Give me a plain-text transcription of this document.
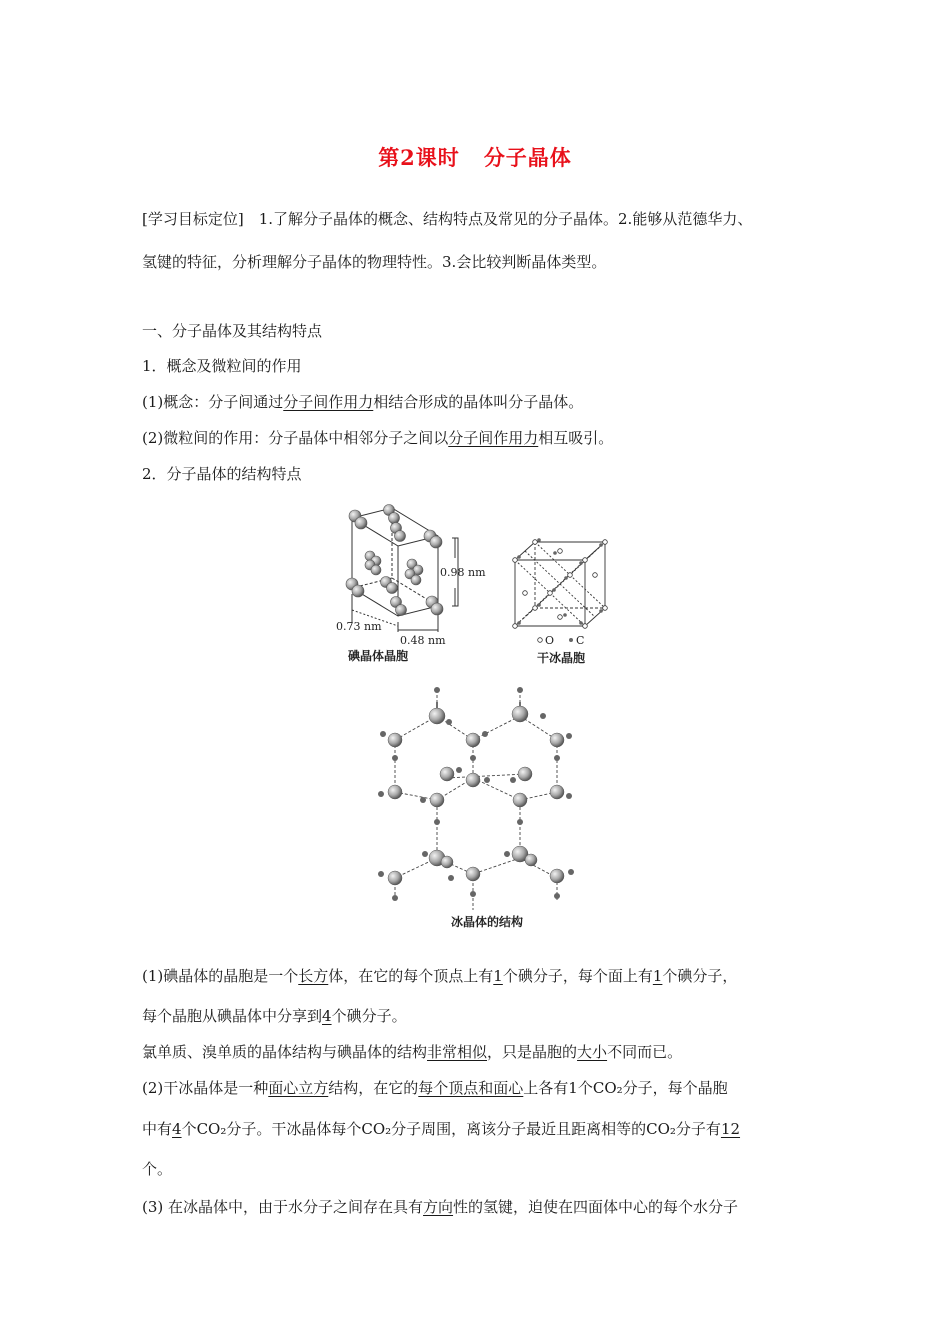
第2课时 分子晶体
[学习目标定位]　1.了解分子晶体的概念、结构特点及常见的分子晶体。2.能够从范德华力、
氢键的特征，分析理解分子晶体的物理特性。3.会比较判断晶体类型。
一、分子晶体及其结构特点
1．概念及微粒间的作用
(1)概念：分子间通过分子间作用力相结合形成的晶体叫分子晶体。
(2)微粒间的作用：分子晶体中相邻分子之间以分子间作用力相互吸引。
2．分子晶体的结构特点
0.98 nm
0.73 nm
0.48 nm
碘晶体晶胞
O C
干冰晶胞
冰晶体的结构
(1)碘晶体的晶胞是一个长方体，在它的每个顶点上有1个碘分子，每个面上有1个碘分子，
每个晶胞从碘晶体中分享到4个碘分子。
氯单质、溴单质的晶体结构与碘晶体的结构非常相似，只是晶胞的大小不同而已。
(2)干冰晶体是一种面心立方结构，在它的每个顶点和面心上各有1个CO₂分子，每个晶胞
中有4个CO₂分子。干冰晶体每个CO₂分子周围，离该分子最近且距离相等的CO₂分子有12
个。
(3) 在冰晶体中，由于水分子之间存在具有方向性的氢键，迫使在四面体中心的每个水分子
